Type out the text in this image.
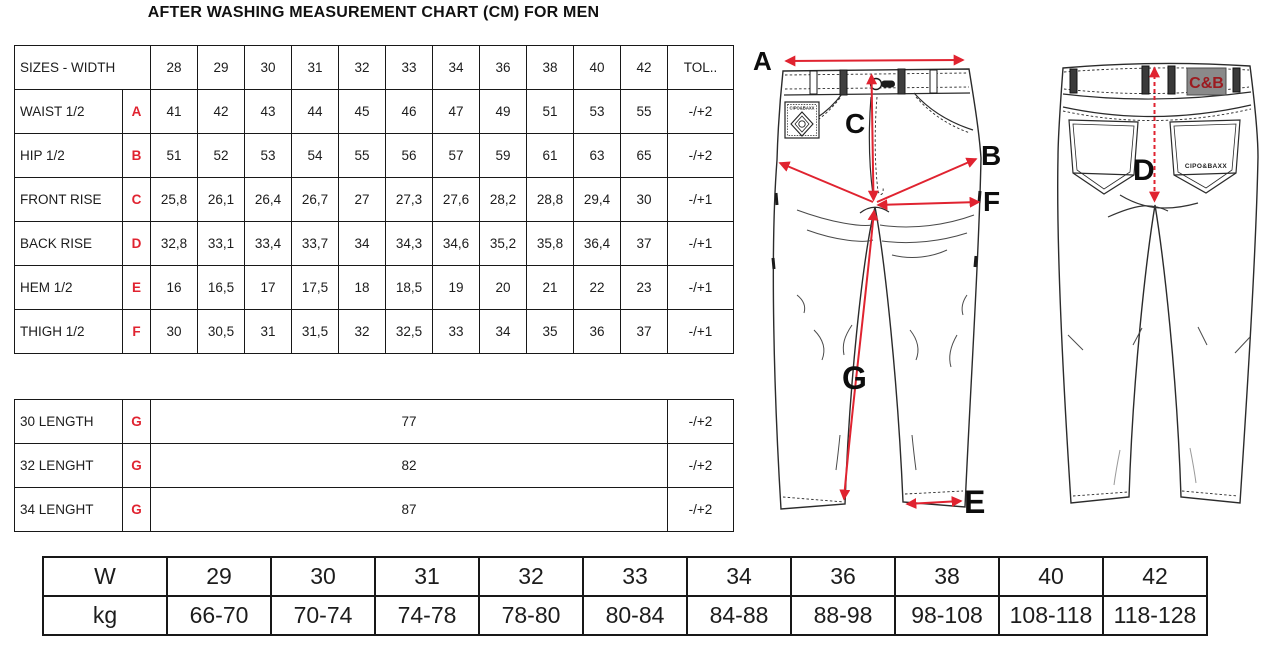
AFTER WASHING MEASUREMENT CHART (CM) FOR MEN
SIZES - WIDTH		28	29	30	31	32	33	34	36	38	40	42	TOL..
WAIST 1/2	A	41	42	43	44	45	46	47	49	51	53	55	-/+2
HIP 1/2	B	51	52	53	54	55	56	57	59	61	63	65	-/+2
FRONT RISE	C	25,8	26,1	26,4	26,7	27	27,3	27,6	28,2	28,8	29,4	30	-/+1
BACK RISE	D	32,8	33,1	33,4	33,7	34	34,3	34,6	35,2	35,8	36,4	37	-/+1
HEM 1/2	E	16	16,5	17	17,5	18	18,5	19	20	21	22	23	-/+1
THIGH 1/2	F	30	30,5	31	31,5	32	32,5	33	34	35	36	37	-/+1
30 LENGTH	G	77	-/+2
32 LENGHT	G	82	-/+2
34 LENGHT	G	87	-/+2
W	29	30	31	32	33	34	36	38	40	42
kg	66-70	70-74	74-78	78-80	80-84	84-88	88-98	98-108	108-118	118-128
CIPO&BAXX
CIPO&BAXX
C&B
A
C
B
F
G
E
D
